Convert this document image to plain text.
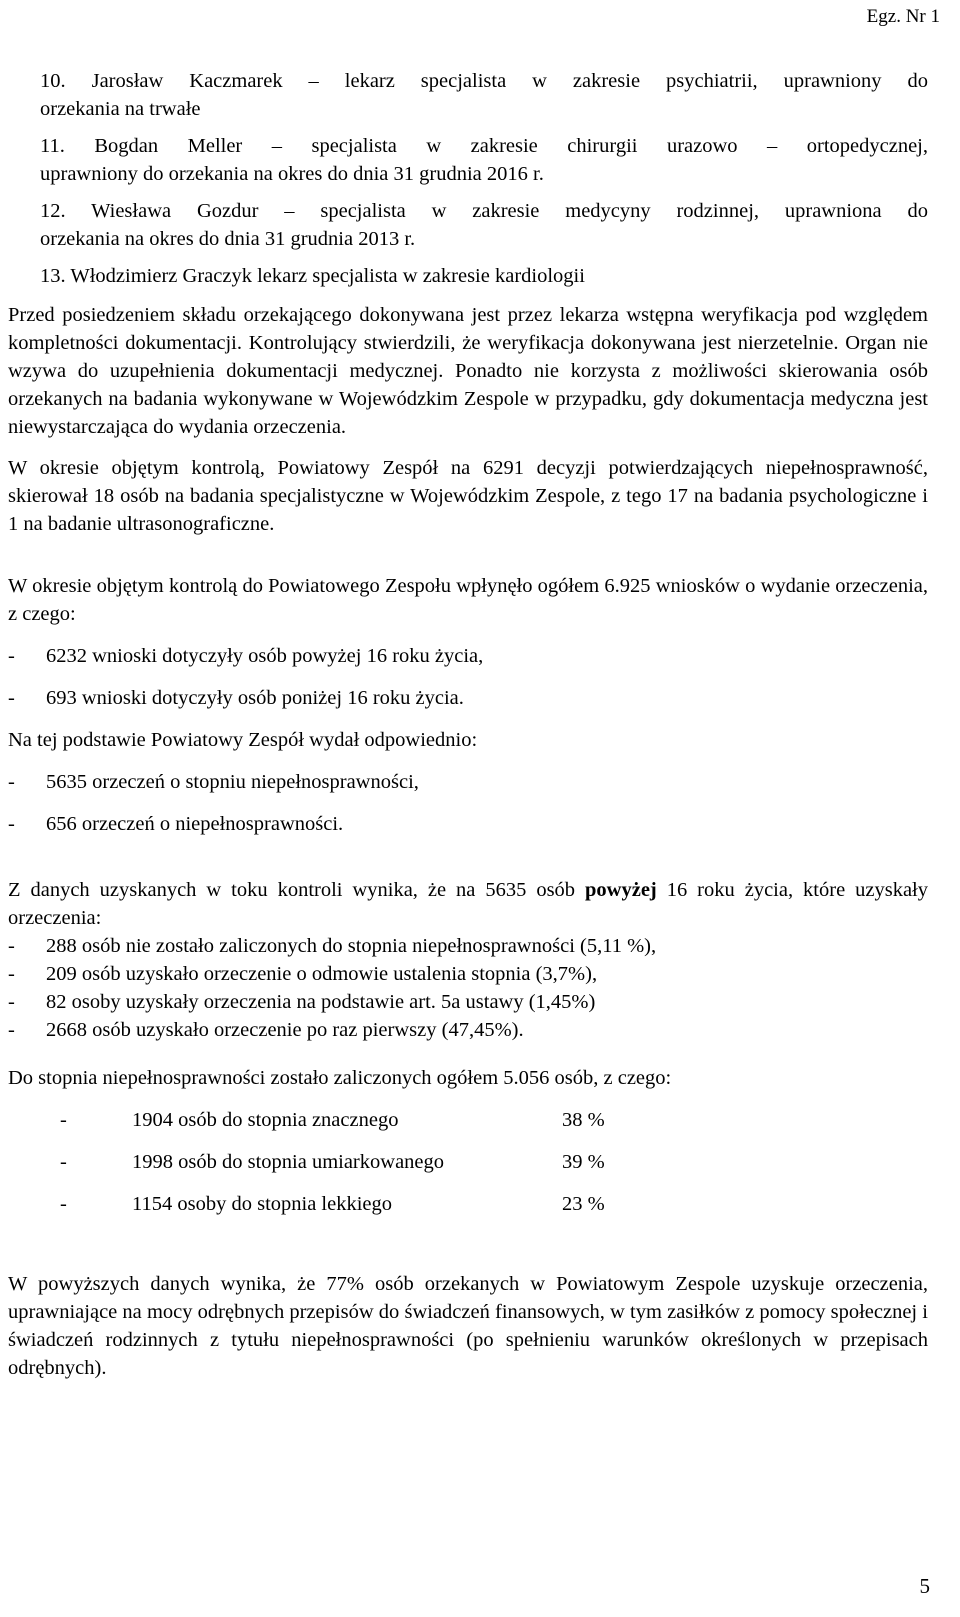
Egz. Nr 1

10. Jarosław Kaczmarek – lekarz specjalista w zakresie psychiatrii, uprawniony do

orzekania na trwałe

11. Bogdan Meller – specjalista w zakresie chirurgii urazowo – ortopedycznej,

uprawniony do orzekania na okres do dnia 31 grudnia 2016 r.

12. Wiesława Gozdur – specjalista w zakresie medycyny rodzinnej, uprawniona do

orzekania na okres do dnia 31 grudnia 2013 r.

13. Włodzimierz Graczyk lekarz specjalista w zakresie kardiologii

Przed posiedzeniem składu orzekającego dokonywana jest przez lekarza wstępna weryfikacja pod względem kompletności dokumentacji. Kontrolujący stwierdzili, że weryfikacja dokonywana jest nierzetelnie. Organ nie wzywa do uzupełnienia dokumentacji medycznej. Ponadto nie korzysta z możliwości skierowania osób orzekanych na badania wykonywane w Wojewódzkim Zespole w przypadku, gdy dokumentacja medyczna jest niewystarczająca do wydania orzeczenia.

W okresie objętym kontrolą, Powiatowy Zespół na 6291 decyzji potwierdzających niepełnosprawność, skierował 18 osób na badania specjalistyczne w Wojewódzkim Zespole, z tego 17 na badania psychologiczne i 1 na badanie ultrasonograficzne.

W okresie objętym kontrolą do Powiatowego Zespołu wpłynęło ogółem 6.925 wniosków o wydanie orzeczenia, z czego:

-	6232 wnioski dotyczyły osób powyżej 16 roku życia,
-	693 wnioski dotyczyły osób poniżej 16 roku życia.

Na tej podstawie Powiatowy Zespół wydał odpowiednio:

-	5635 orzeczeń o stopniu niepełnosprawności,
-	656 orzeczeń o niepełnosprawności.

Z danych uzyskanych w toku kontroli wynika, że na 5635 osób powyżej 16 roku życia, które uzyskały orzeczenia:

-	288 osób nie zostało zaliczonych do stopnia niepełnosprawności (5,11 %),
-	209 osób uzyskało orzeczenie o odmowie ustalenia stopnia (3,7%),
-	82 osoby uzyskały orzeczenia na podstawie art. 5a ustawy (1,45%)
-	2668 osób uzyskało orzeczenie po raz pierwszy (47,45%).

Do stopnia niepełnosprawności zostało zaliczonych ogółem 5.056 osób, z czego:

-	1904 osób do stopnia znacznego	38 %
-	1998 osób do stopnia umiarkowanego	39 %
-	1154 osoby do stopnia lekkiego	23 %

W powyższych danych wynika, że 77% osób orzekanych w Powiatowym Zespole uzyskuje orzeczenia, uprawniające na mocy odrębnych przepisów do świadczeń finansowych, w tym zasiłków z pomocy społecznej i świadczeń rodzinnych z tytułu niepełnosprawności (po spełnieniu warunków określonych w przepisach odrębnych).

5
